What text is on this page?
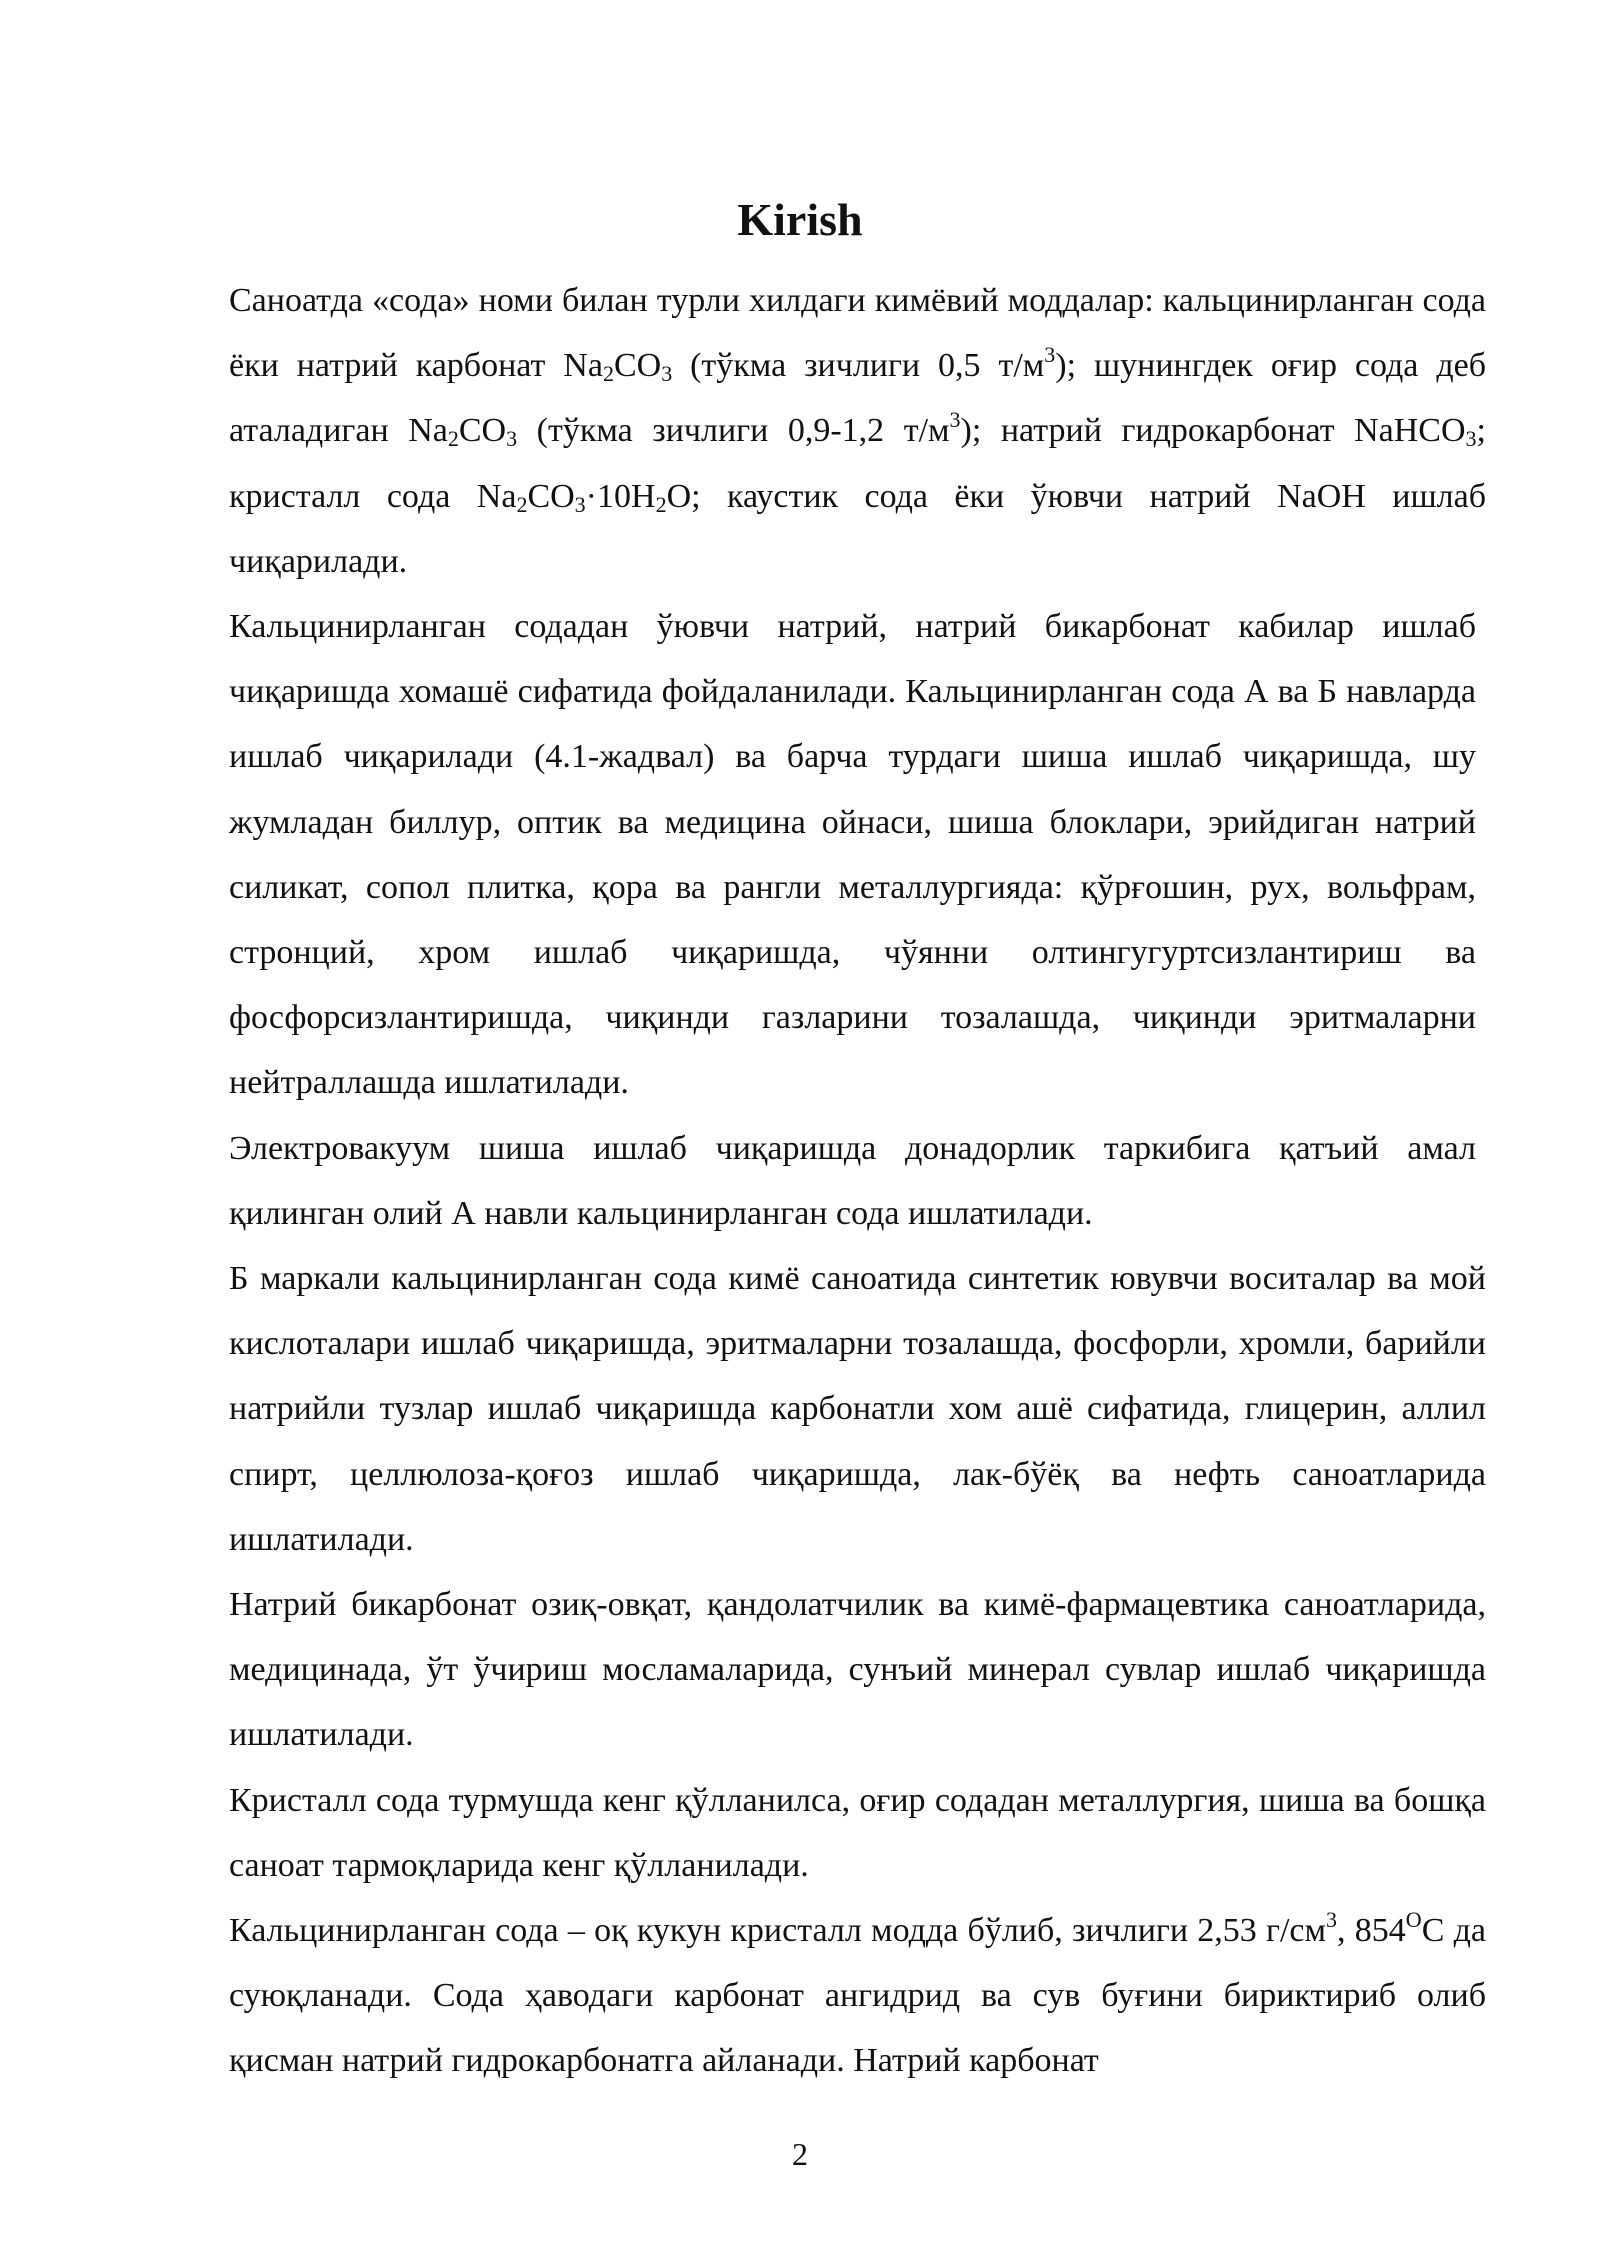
Kirish

Саноатда «сода» номи билан турли хилдаги кимёвий моддалар: кальцинирланган сода ёки натрий карбонат $Na_2CO_3$ (тўкма зичлиги 0,5 $т/м^3$); шунингдек оғир сода деб аталадиган $Na_2CO_3$ (тўкма зичлиги 0,9-1,2 $т/м^3$); натрий гидрокарбонат NaHCO$_3$; кристалл сода $Na_2CO_3\cdot 10H_2O$; каустик сода ёки ўювчи натрий NaOH ишлаб чиқарилади.

Кальцинирланган содадан ўювчи натрий, натрий бикарбонат кабилар ишлаб чиқаришда хомашё сифатида фойдаланилади. Кальцинирланган сода А ва Б навларда ишлаб чиқарилади (4.1-жадвал) ва барча турдаги шиша ишлаб чиқаришда, шу жумладан биллур, оптик ва медицина ойнаси, шиша блоклари, эрийдиган натрий силикат, сопол плитка, қора ва рангли металлургияда: қўрғошин, рух, вольфрам, стронций, хром ишлаб чиқаришда, чўянни олтингугуртсизлантириш ва фосфорсизлантиришда, чиқинди газларини тозалашда, чиқинди эритмаларни нейтраллашда ишлатилади.

Электровакуум шиша ишлаб чиқаришда донадорлик таркибига қатъий амал қилинган олий А навли кальцинирланган сода ишлатилади.

Б маркали кальцинирланган сода кимё саноатида синтетик ювувчи воситалар ва мой кислоталари ишлаб чиқаришда, эритмаларни тозалашда, фосфорли, хромли, барийли натрийли тузлар ишлаб чиқаришда карбонатли хом ашё сифатида, глицерин, аллил спирт, целлюлоза-қоғоз ишлаб чиқаришда, лак-бўёқ ва нефть саноатларида ишлатилади.

Натрий бикарбонат озиқ-овқат, қандолатчилик ва кимё-фармацевтика саноатларида, медицинада, ўт ўчириш мосламаларида, сунъий минерал сувлар ишлаб чиқаришда ишлатилади.

Кристалл сода турмушда кенг қўлланилса, оғир содадан металлургия, шиша ва бошқа саноат тармоқларида кенг қўлланилади.

Кальцинирланган сода – оқ кукун кристалл модда бўлиб, зичлиги 2,53 $г/см^3$, $854^OС$ да суюқланади. Сода ҳаводаги карбонат ангидрид ва сув буғини бириктириб олиб қисман натрий гидрокарбонатга айланади. Натрий карбонат

2
